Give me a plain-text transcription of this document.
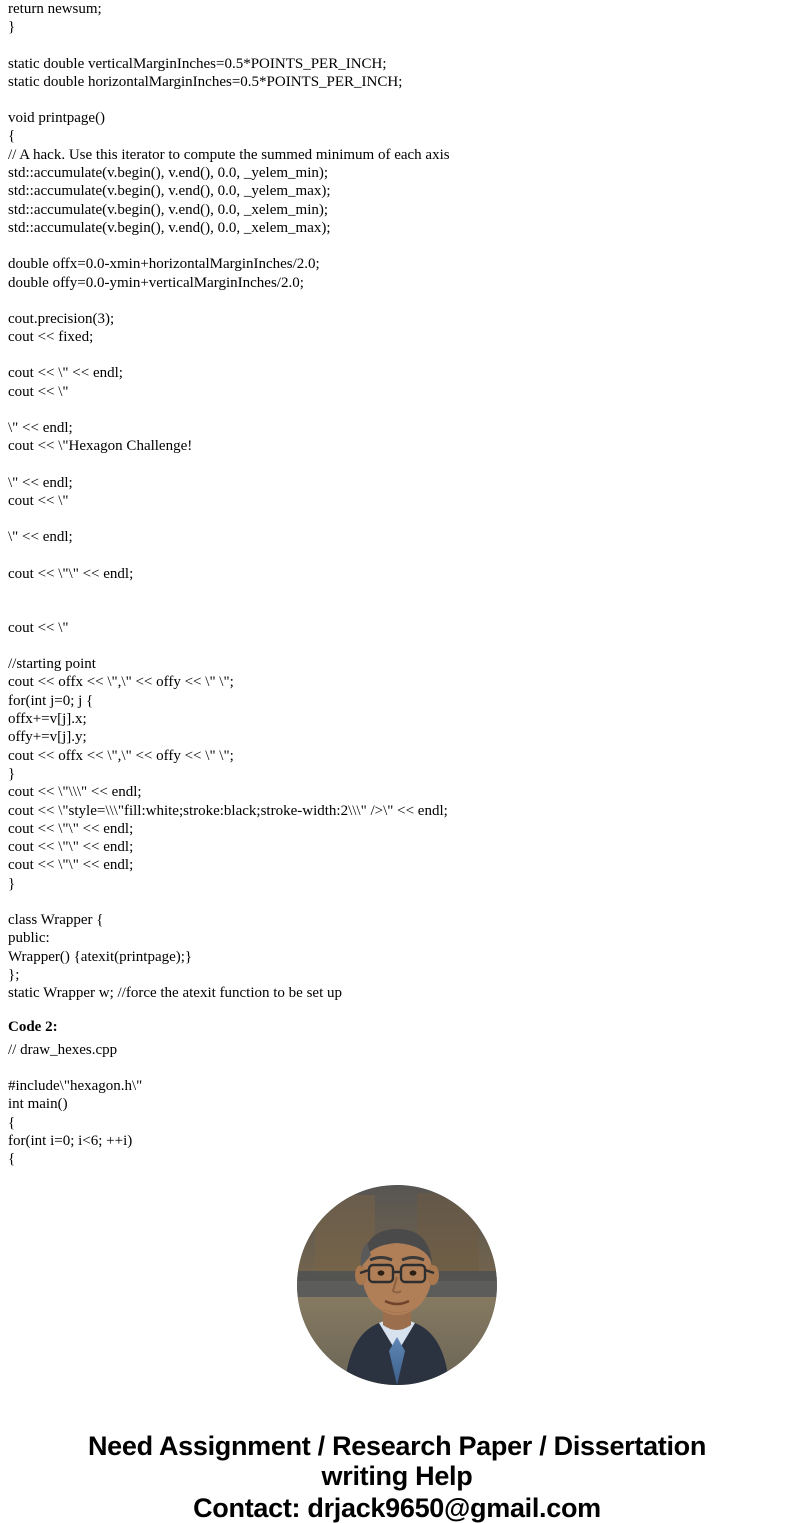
return newsum;
}
static double verticalMarginInches=0.5*POINTS_PER_INCH;
static double horizontalMarginInches=0.5*POINTS_PER_INCH;
void printpage()
{
// A hack. Use this iterator to compute the summed minimum of each axis
std::accumulate(v.begin(), v.end(), 0.0, _yelem_min);
std::accumulate(v.begin(), v.end(), 0.0, _yelem_max);
std::accumulate(v.begin(), v.end(), 0.0, _xelem_min);
std::accumulate(v.begin(), v.end(), 0.0, _xelem_max);
double offx=0.0-xmin+horizontalMarginInches/2.0;
double offy=0.0-ymin+verticalMarginInches/2.0;
cout.precision(3);
cout << fixed;
cout << \" << endl;
cout << \"
\" << endl;
cout << \"Hexagon Challenge!
\" << endl;
cout << \"
\" << endl;
cout << \"\" << endl;
cout << \"
//starting point
cout << offx << \",\" << offy << \" \";
for(int j=0; j {
offx+=v[j].x;
offy+=v[j].y;
cout << offx << \",\" << offy << \" \";
}
cout << \"\\\" << endl;
cout << \"style=\\\"fill:white;stroke:black;stroke-width:2\\\" />\" << endl;
cout << \"\" << endl;
cout << \"\" << endl;
cout << \"\" << endl;
}
class Wrapper {
public:
Wrapper() {atexit(printpage);}
};
static Wrapper w; //force the atexit function to be set up
Code 2:
// draw_hexes.cpp
#include\"hexagon.h\"
int main()
{
for(int i=0; i<6; ++i)
{
Need Assignment / Research Paper / Dissertation
writing Help
Contact: drjack9650@gmail.com
